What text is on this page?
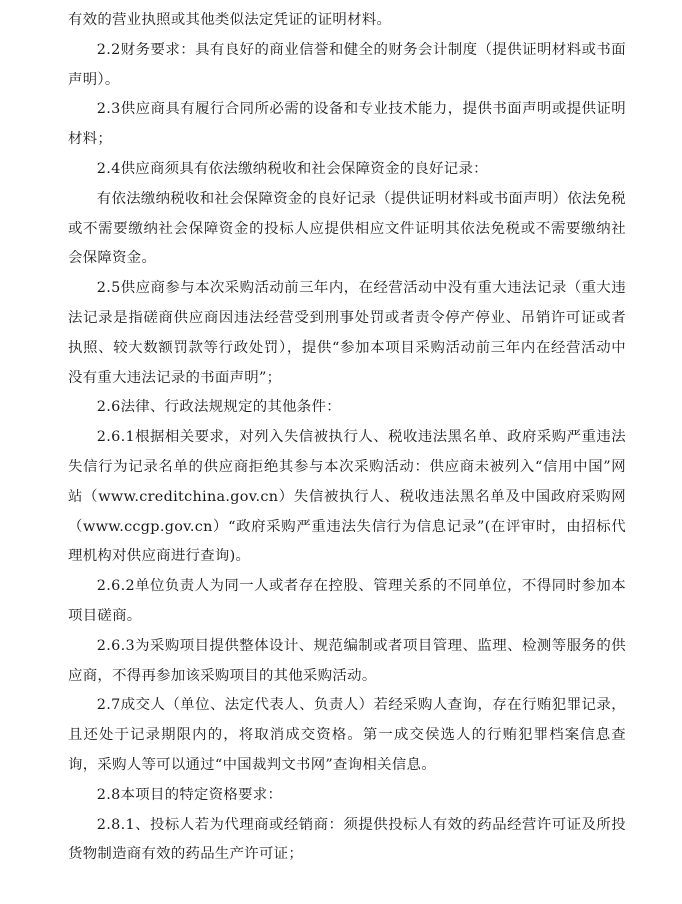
有效的营业执照或其他类似法定凭证的证明材料。

2.2财务要求：具有良好的商业信誉和健全的财务会计制度（提供证明材料或书面声明）。

2.3供应商具有履行合同所必需的设备和专业技术能力，提供书面声明或提供证明材料；

2.4供应商须具有依法缴纳税收和社会保障资金的良好记录：

有依法缴纳税收和社会保障资金的良好记录（提供证明材料或书面声明）依法免税或不需要缴纳社会保障资金的投标人应提供相应文件证明其依法免税或不需要缴纳社会保障资金。

2.5供应商参与本次采购活动前三年内，在经营活动中没有重大违法记录（重大违法记录是指磋商供应商因违法经营受到刑事处罚或者责令停产停业、吊销许可证或者执照、较大数额罚款等行政处罚），提供“参加本项目采购活动前三年内在经营活动中没有重大违法记录的书面声明”；

2.6法律、行政法规规定的其他条件：

2.6.1根据相关要求，对列入失信被执行人、税收违法黑名单、政府采购严重违法失信行为记录名单的供应商拒绝其参与本次采购活动：供应商未被列入“信用中国”网站（www.creditchina.gov.cn）失信被执行人、税收违法黑名单及中国政府采购网（www.ccgp.gov.cn）“政府采购严重违法失信行为信息记录”(在评审时，由招标代理机构对供应商进行查询)。

2.6.2单位负责人为同一人或者存在控股、管理关系的不同单位，不得同时参加本项目磋商。

2.6.3为采购项目提供整体设计、规范编制或者项目管理、监理、检测等服务的供应商，不得再参加该采购项目的其他采购活动。

2.7成交人（单位、法定代表人、负责人）若经采购人查询，存在行贿犯罪记录，且还处于记录期限内的，将取消成交资格。第一成交侯选人的行贿犯罪档案信息查询，采购人等可以通过“中国裁判文书网”查询相关信息。

2.8本项目的特定资格要求：

2.8.1、投标人若为代理商或经销商：须提供投标人有效的药品经营许可证及所投货物制造商有效的药品生产许可证；
